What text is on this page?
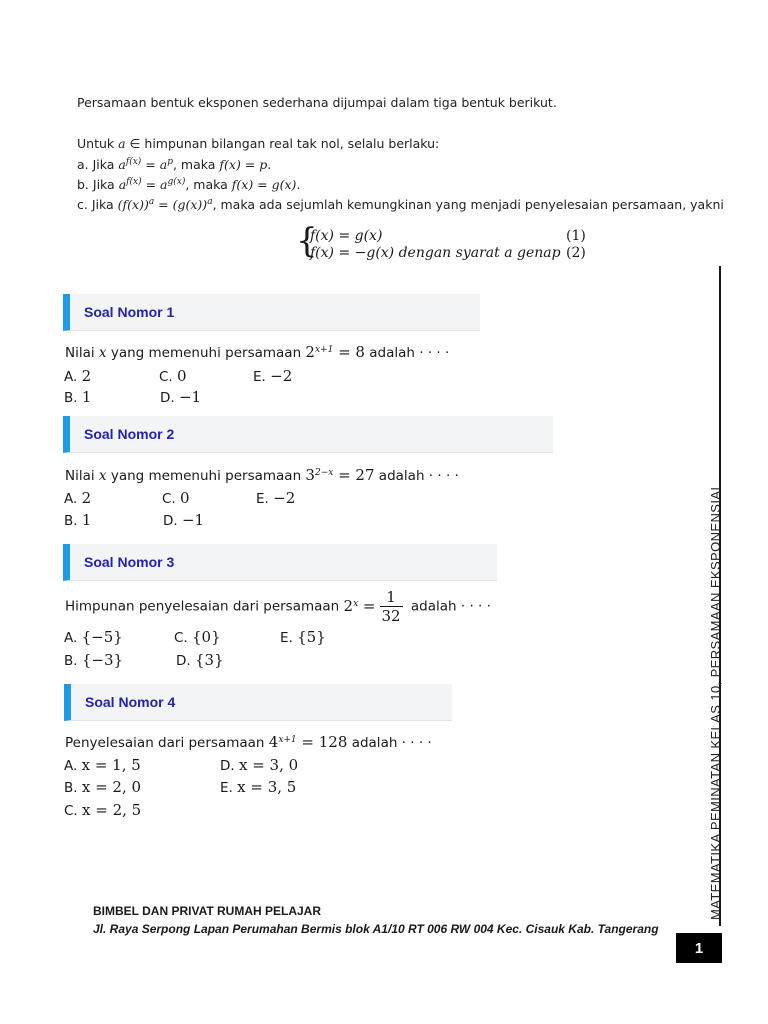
Persamaan bentuk eksponen sederhana dijumpai dalam tiga bentuk berikut.
Untuk a ∈ himpunan bilangan real tak nol, selalu berlaku:
a. Jika $a^{f(x)} = a^p$, maka f(x) = p.
b. Jika $a^{f(x)} = a^{g(x)}$, maka f(x) = g(x).
c. Jika $(f(x))^a = (g(x))^a$, maka ada sejumlah kemungkinan yang menjadi penyelesaian persamaan, yakni
{
f(x) = g(x)	(1)
f(x) = −g(x) dengan syarat a genap (2)
Soal Nomor 1
Nilai x yang memenuhi persamaan $2^{x+1} = 8$ adalah · · · ·
A. 2	C. 0	E. −2
B. 1	D. −1
Soal Nomor 2
Nilai x yang memenuhi persamaan $3^{2-x} = 27$ adalah · · · ·
A. 2	C. 0	E. −2
B. 1	D. −1
Soal Nomor 3
Himpunan penyelesaian dari persamaan $2^x = \frac{1}{32}$ adalah · · · ·
A. {−5}	C. {0}	E. {5}
B. {−3}	D. {3}
Soal Nomor 4
Penyelesaian dari persamaan $4^{x+1} = 128$ adalah · · · ·
A. x = 1, 5	D. x = 3, 0
B. x = 2, 0	E. x = 3, 5
C. x = 2, 5
BIMBEL DAN PRIVAT RUMAH PELAJAR
Jl. Raya Serpong Lapan Perumahan Bermis blok A1/10 RT 006 RW 004 Kec. Cisauk Kab. Tangerang
MATEMATIKA PEMINATAN KELAS 10, PERSAMAAN EKSPONENSIAL
1
